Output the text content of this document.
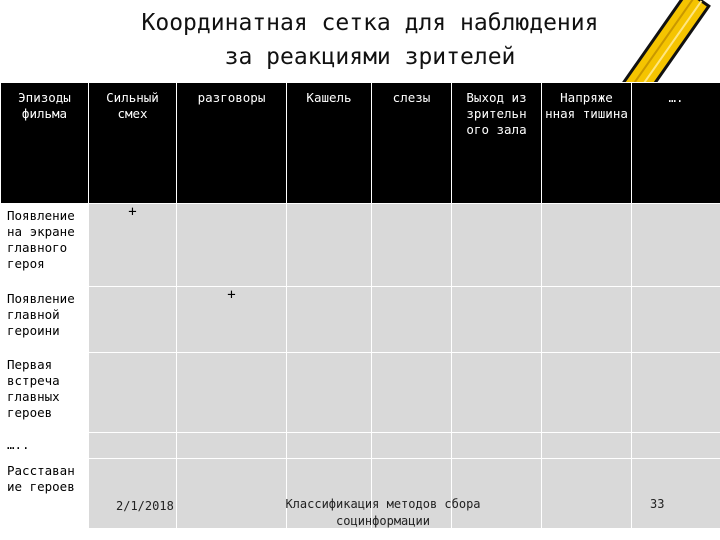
Координатная сетка для наблюдения
за реакциями зрителей
Эпизоды фильма	Сильный смех	разговоры	Кашель	слезы	Выход из зрительн ого зала	Напряже нная тишина	….
Появление на экране главного героя	+						
Появление главной героини		+					
Первая встреча главных героев							
…..							
Расставан ие героев							
2/1/2018	Классификация методов сбора социнформации
33
